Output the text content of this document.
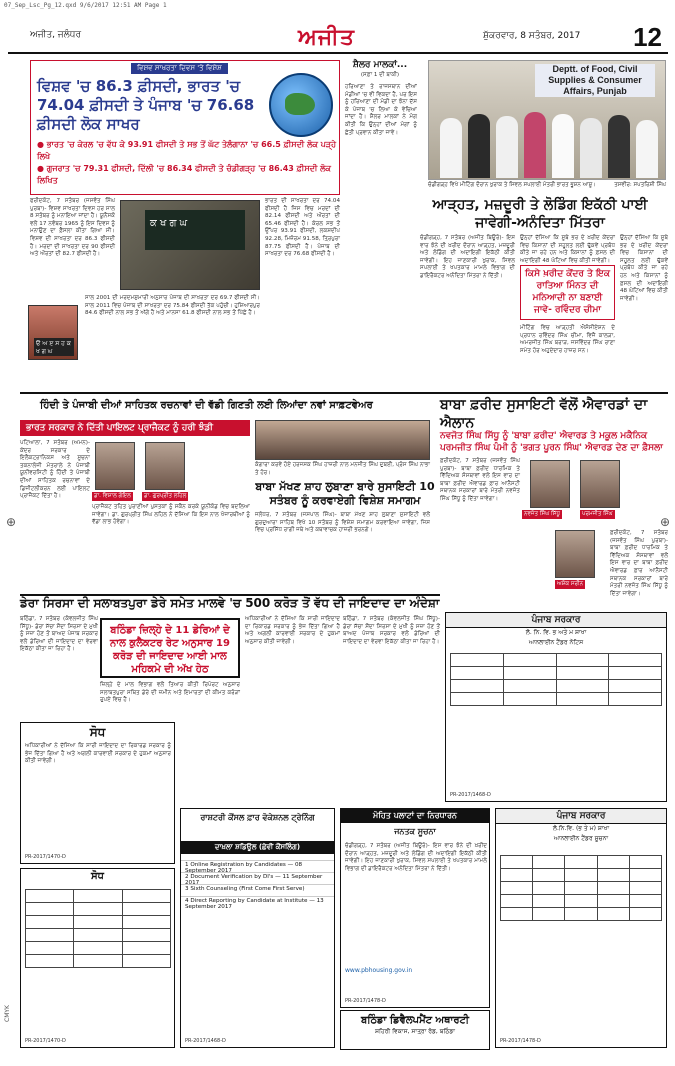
07_Sep_Lsc_Pg_12.qxd 9/6/2017 12:51 AM Page 1
ਅਜੀਤ, ਜਲੰਧਰ	ਅਜੀਤ	ਸ਼ੁੱਕਰਵਾਰ, 8 ਸਤੰਬਰ, 2017 12
ਵਿਸ਼ਵ ਸਾਖਰਤਾ ਦਿਵਸ 'ਤੇ ਵਿਸ਼ੇਸ਼
ਵਿਸ਼ਵ 'ਚ 86.3 ਫ਼ੀਸਦੀ, ਭਾਰਤ 'ਚ 74.04 ਫ਼ੀਸਦੀ ਤੇ ਪੰਜਾਬ 'ਚ 76.68 ਫ਼ੀਸਦੀ ਲੋਕ ਸਾਖਰ
● ਭਾਰਤ 'ਚ ਕੇਰਲ 'ਚ ਵੱਧ ਕੇ 93.91 ਫੀਸਦੀ ਤੇ ਸਭ ਤੋਂ ਘੱਟ ਤੇਲੰਗਾਨਾ 'ਚ 66.5 ਫ਼ੀਸਦੀ ਲੋਕ ਪੜ੍ਹੇ ਲਿਖੇ
● ਗੁਜਰਾਤ 'ਚ 79.31 ਫੀਸਦੀ, ਦਿੱਲੀ 'ਚ 86.34 ਫੀਸਦੀ ਤੇ ਚੰਡੀਗੜ੍ਹ 'ਚ 86.43 ਫ਼ੀਸਦੀ ਲੋਕ ਲਿਖਿਤ
ਫਰੀਦਕੋਟ, 7 ਸਤੰਬਰ (ਜਸਵੰਤ ਸਿੰਘ ਪੁਰਬਾ)- ਵਿਸ਼ਵ ਸਾਖਰਤਾ ਦਿਵਸ ਹਰ ਸਾਲ 8 ਸਤੰਬਰ ਨੂੰ ਮਨਾਇਆ ਜਾਂਦਾ ਹੈ। ਯੂਨੈਸਕੋ ਵਲੋਂ 17 ਨਵੰਬਰ 1965 ਨੂੰ ਇਸ ਦਿਵਸ ਨੂੰ ਮਨਾਉਣ ਦਾ ਫ਼ੈਸਲਾ ਕੀਤਾ ਗਿਆ ਸੀ। ਵਿਸ਼ਵ ਦੀ ਸਾਖਰਤਾ ਦਰ 86.3 ਫੀਸਦੀ ਹੈ। ਮਰਦਾਂ ਦੀ ਸਾਖਰਤਾ ਦਰ 90 ਫੀਸਦੀ ਅਤੇ ਔਰਤਾਂ ਦੀ 82.7 ਫੀਸਦੀ ਹੈ।
ਕ ਖ ਗ ਘ
ਭਾਰਤ ਦੀ ਸਾਖਰਤਾ ਦਰ 74.04 ਫੀਸਦੀ ਹੈ ਜਿਸ ਵਿਚ ਮਰਦਾਂ ਦੀ 82.14 ਫੀਸਦੀ ਅਤੇ ਔਰਤਾਂ ਦੀ 65.46 ਫੀਸਦੀ ਹੈ। ਕੇਰਲ ਸਭ ਤੋਂ ਉੱਪਰ 93.91 ਫੀਸਦੀ, ਲਕਸ਼ਦੀਪ 92.28, ਮਿਜ਼ੋਰਮ 91.58, ਤ੍ਰਿਪੁਰਾ 87.75 ਫੀਸਦੀ ਹੈ। ਪੰਜਾਬ ਦੀ ਸਾਖਰਤਾ ਦਰ 76.68 ਫੀਸਦੀ ਹੈ।
ੳ ਅ ੲ ਸ ਹ ਕ ਖ ਗ ਘ
ਸਾਲ 2001 ਦੀ ਮਰਦਮਸ਼ੁਮਾਰੀ ਅਨੁਸਾਰ ਪੰਜਾਬ ਦੀ ਸਾਖਰਤਾ ਦਰ 69.7 ਫੀਸਦੀ ਸੀ। ਸਾਲ 2011 ਵਿਚ ਪੰਜਾਬ ਦੀ ਸਾਖਰਤਾ ਦਰ 75.84 ਫੀਸਦੀ ਤੱਕ ਪਹੁੰਚੀ। ਹੁਸ਼ਿਆਰਪੁਰ 84.6 ਫੀਸਦੀ ਨਾਲ ਸਭ ਤੋਂ ਅੱਗੇ ਹੈ ਅਤੇ ਮਾਨਸਾ 61.8 ਫੀਸਦੀ ਨਾਲ ਸਭ ਤੋਂ ਪਿੱਛੇ ਹੈ।
ਸ਼ੈਲਰ ਮਾਲਕਾਂ...
(ਸਫ਼ਾ 1 ਦੀ ਬਾਕੀ)
ਹਰਿਆਣਾ ਤੇ ਰਾਜਸਥਾਨ ਦੀਆਂ ਮੰਡੀਆਂ 'ਚ ਵੀ ਵਿਕਦਾ ਹੈ, ਪਰ ਇਸ ਨੂੰ ਹਰਿਆਣਾ ਦੀ ਮੰਡੀ ਦਾ ਝੋਨਾ ਦੱਸ ਕੇ ਪੰਜਾਬ 'ਚ ਲਿਆ ਕੇ ਵੇਚਿਆ ਜਾਂਦਾ ਹੈ। ਸ਼ੈਲਰ ਮਾਲਕਾਂ ਨੇ ਮੰਗ ਕੀਤੀ ਕਿ ਉਨ੍ਹਾਂ ਦੀਆਂ ਮੰਗਾਂ ਨੂੰ ਛੇਤੀ ਪ੍ਰਵਾਨ ਕੀਤਾ ਜਾਵੇ।
Deptt. of Food, Civil Supplies & Consumer Affairs, Punjab
ਚੰਡੀਗੜ੍ਹ ਵਿਖੇ ਮੀਟਿੰਗ ਦੌਰਾਨ ਖੁਰਾਕ ਤੇ ਸਿਵਲ ਸਪਲਾਈ ਮੰਤਰੀ ਭਾਰਤ ਭੂਸ਼ਨ ਆਸ਼ੂ।	ਤਸਵੀਰ: ਸਪਤਰਿਸ਼ੀ ਸਿੰਘ
ਆੜ੍ਹਤ, ਮਜ਼ਦੂਰੀ ਤੇ ਲੋਡਿੰਗ ਇਕੱਠੀ ਪਾਈ ਜਾਵੇਗੀ-ਅਨੰਦਿਤਾ ਮਿੱਤਰਾ
ਚੰਡੀਗੜ੍ਹ, 7 ਸਤੰਬਰ (ਅਜੀਤ ਬਿਊਰੋ)- ਇਸ ਵਾਰ ਝੋਨੇ ਦੀ ਖ਼ਰੀਦ ਦੌਰਾਨ ਆੜ੍ਹਤ, ਮਜ਼ਦੂਰੀ ਅਤੇ ਲੋਡਿੰਗ ਦੀ ਅਦਾਇਗੀ ਇਕੱਠੀ ਕੀਤੀ ਜਾਵੇਗੀ। ਇਹ ਜਾਣਕਾਰੀ ਖੁਰਾਕ, ਸਿਵਲ ਸਪਲਾਈ ਤੇ ਖਪਤਕਾਰ ਮਾਮਲੇ ਵਿਭਾਗ ਦੀ ਡਾਇਰੈਕਟਰ ਅਨੰਦਿਤਾ ਮਿੱਤਰਾ ਨੇ ਦਿੱਤੀ।	ਕਿਸੇ ਖ਼ਰੀਦ ਕੇਂਦਰ ਤੇ ਇਕ ਰਾਤਿਆ ਮਿੰਨਤ ਦੀ ਮਨਿਆਦੀ ਨਾ ਬਣਾਈ ਜਾਵੇ- ਰਵਿੰਦਰ ਚੀਮਾ
ਉਨ੍ਹਾਂ ਦੱਸਿਆ ਕਿ ਸੂਬੇ ਭਰ ਦੇ ਖ਼ਰੀਦ ਕੇਂਦਰਾਂ ਵਿਚ ਕਿਸਾਨਾਂ ਦੀ ਸਹੂਲਤ ਲਈ ਢੁੱਕਵੇਂ ਪ੍ਰਬੰਧ ਕੀਤੇ ਜਾ ਰਹੇ ਹਨ ਅਤੇ ਕਿਸਾਨਾਂ ਨੂੰ ਫ਼ਸਲ ਦੀ ਅਦਾਇਗੀ 48 ਘੰਟਿਆਂ ਵਿਚ ਕੀਤੀ ਜਾਵੇਗੀ।
ਮੀਟਿੰਗ ਵਿਚ ਆੜ੍ਹਤੀ ਐਸੋਸੀਏਸ਼ਨ ਦੇ ਪ੍ਰਧਾਨ ਰਵਿੰਦਰ ਸਿੰਘ ਚੀਮਾ, ਵਿਜੈ ਕਾਲੜਾ, ਅਮਰਜੀਤ ਸਿੰਘ ਬਰਾੜ, ਜਸਵਿੰਦਰ ਸਿੰਘ ਰਾਣਾ ਸਮੇਤ ਹੋਰ ਅਹੁਦੇਦਾਰ ਹਾਜ਼ਰ ਸਨ।
ਉਨ੍ਹਾਂ ਦੱਸਿਆ ਕਿ ਸੂਬੇ ਭਰ ਦੇ ਖ਼ਰੀਦ ਕੇਂਦਰਾਂ ਵਿਚ ਕਿਸਾਨਾਂ ਦੀ ਸਹੂਲਤ ਲਈ ਢੁੱਕਵੇਂ ਪ੍ਰਬੰਧ ਕੀਤੇ ਜਾ ਰਹੇ ਹਨ ਅਤੇ ਕਿਸਾਨਾਂ ਨੂੰ ਫ਼ਸਲ ਦੀ ਅਦਾਇਗੀ 48 ਘੰਟਿਆਂ ਵਿਚ ਕੀਤੀ ਜਾਵੇਗੀ।
ਹਿੰਦੀ ਤੇ ਪੰਜਾਬੀ ਦੀਆਂ ਸਾਹਿਤਕ ਰਚਨਾਵਾਂ ਦੀ ਵੱਡੀ ਗਿਣਤੀ ਲਈ ਲਿਆਂਦਾ ਨਵਾਂ ਸਾਫ਼ਟਵੇਅਰ
ਭਾਰਤ ਸਰਕਾਰ ਨੇ ਦਿੱਤੀ ਪਾਇਲਟ ਪ੍ਰਾਜੈਕਟ ਨੂੰ ਹਰੀ ਝੰਡੀ
ਪਟਿਆਲਾ, 7 ਸਤੰਬਰ (ਅਮਨ)- ਕੇਂਦਰ ਸਰਕਾਰ ਦੇ ਇਲੈਕਟ੍ਰਾਨਿਕਸ ਅਤੇ ਸੂਚਨਾ ਤਕਨਾਲੋਜੀ ਮੰਤਰਾਲੇ ਨੇ ਪੰਜਾਬੀ ਯੂਨੀਵਰਸਿਟੀ ਨੂੰ ਹਿੰਦੀ ਤੇ ਪੰਜਾਬੀ ਦੀਆਂ ਸਾਹਿਤਕ ਰਚਨਾਵਾਂ ਦੇ ਡਿਜੀਟਲੀਕਰਨ ਲਈ ਪਾਇਲਟ ਪ੍ਰਾਜੈਕਟ ਦਿੱਤਾ ਹੈ।	ਡਾ. ਵਿਸ਼ਾਲ ਗੋਇਲ	ਡਾ. ਗੁਰਪ੍ਰੀਤ ਲਹਿਲ
ਪ੍ਰਾਜੈਕਟ ਤਹਿਤ ਪੁਰਾਣੀਆਂ ਪੁਸਤਕਾਂ ਨੂੰ ਸਕੈਨ ਕਰਕੇ ਯੂਨੀਕੋਡ ਵਿਚ ਬਦਲਿਆ ਜਾਵੇਗਾ। ਡਾ. ਗੁਰਪ੍ਰੀਤ ਸਿੰਘ ਲਹਿਲ ਨੇ ਦੱਸਿਆ ਕਿ ਇਸ ਨਾਲ ਖੋਜਾਰਥੀਆਂ ਨੂੰ ਵੱਡਾ ਲਾਭ ਹੋਵੇਗਾ।
ਕੰਗਾਰਾ ਕਰਵੇ ਹੋਏ ਹਰਜਸਕ ਸਿੰਘ ਹਾਜ਼ਰੀ ਨਾਲ ਮਨਜੀਤ ਸਿੰਘ ਦੁਬਈ, ਪ੍ਰੋਸ ਸਿੰਘ ਨਾਭਾ ਤੇ ਹੋਰ।
ਬਾਬਾ ਮੱਖਣ ਸ਼ਾਹ ਲੁਬਾਣਾ ਬਾਰੇ ਸੁਸਾਇਟੀ 10 ਸਤੰਬਰ ਨੂੰ ਕਰਵਾਏਗੀ ਵਿਸ਼ੇਸ਼ ਸਮਾਗਮ
ਜਲੰਧਰ, 7 ਸਤੰਬਰ (ਜਸਪਾਲ ਸਿੰਘ)- ਬਾਬਾ ਮੱਖਣ ਸ਼ਾਹ ਲੁਬਾਣਾ ਸੁਸਾਇਟੀ ਵਲੋਂ ਗੁਰਦੁਆਰਾ ਸਾਹਿਬ ਵਿਖੇ 10 ਸਤੰਬਰ ਨੂੰ ਵਿਸ਼ੇਸ਼ ਸਮਾਗਮ ਕਰਵਾਇਆ ਜਾਵੇਗਾ, ਜਿਸ ਵਿਚ ਪ੍ਰਸਿੱਧ ਰਾਗੀ ਜਥੇ ਅਤੇ ਕਥਾਵਾਚਕ ਹਾਜ਼ਰੀ ਭਰਨਗੇ।
ਬਾਬਾ ਫ਼ਰੀਦ ਸੁਸਾਇਟੀ ਵੱਲੋਂ ਐਵਾਰਡਾਂ ਦਾ ਐਲਾਨ
ਨਵਜੋਤ ਸਿੰਘ ਸਿੱਧੂ ਨੂੰ 'ਬਾਬਾ ਫ਼ਰੀਦ' ਐਵਾਰਡ ਤੇ ਮਕੂਲ ਮਕੈਨਿਕ ਪਰਮਜੀਤ ਸਿੰਘ ਪੰਮੀ ਨੂੰ 'ਭਗਤ ਪੂਰਨ ਸਿੰਘ' ਐਵਾਰਡ ਦੇਣ ਦਾ ਫ਼ੈਸਲਾ
ਫ਼ਰੀਦਕੋਟ, 7 ਸਤੰਬਰ (ਜਸਵੰਤ ਸਿੰਘ ਪੁਰਬਾ)- ਬਾਬਾ ਫ਼ਰੀਦ ਧਾਰਮਿਕ ਤੇ ਵਿੱਦਿਅਕ ਸੰਸਥਾਵਾਂ ਵਲੋਂ ਇਸ ਵਾਰ ਦਾ ਬਾਬਾ ਫ਼ਰੀਦ ਐਵਾਰਡ ਫ਼ਾਰ ਆਨੈਸਟੀ ਸਥਾਨਕ ਸਰਕਾਰਾਂ ਬਾਰੇ ਮੰਤਰੀ ਨਵਜੋਤ ਸਿੰਘ ਸਿੱਧੂ ਨੂੰ ਦਿੱਤਾ ਜਾਵੇਗਾ।
ਨਵਜੋਤ ਸਿੰਘ ਸਿੱਧੂ	ਪਰਮਜੀਤ ਸਿੰਘ
ਅਸ਼ੋਕ ਸਰੀਨ
ਫ਼ਰੀਦਕੋਟ, 7 ਸਤੰਬਰ (ਜਸਵੰਤ ਸਿੰਘ ਪੁਰਬਾ)- ਬਾਬਾ ਫ਼ਰੀਦ ਧਾਰਮਿਕ ਤੇ ਵਿੱਦਿਅਕ ਸੰਸਥਾਵਾਂ ਵਲੋਂ ਇਸ ਵਾਰ ਦਾ ਬਾਬਾ ਫ਼ਰੀਦ ਐਵਾਰਡ ਫ਼ਾਰ ਆਨੈਸਟੀ ਸਥਾਨਕ ਸਰਕਾਰਾਂ ਬਾਰੇ ਮੰਤਰੀ ਨਵਜੋਤ ਸਿੰਘ ਸਿੱਧੂ ਨੂੰ ਦਿੱਤਾ ਜਾਵੇਗਾ।
ਡੇਰਾ ਸਿਰਸਾ ਦੀ ਸਲਾਬਤਪੁਰਾ ਡੇਰੇ ਸਮੇਤ ਮਾਲਵੇ 'ਚ 500 ਕਰੋੜ ਤੋਂ ਵੱਧ ਦੀ ਜਾਇਦਾਦ ਦਾ ਅੰਦੇਸ਼ਾ
ਬਠਿੰਡਾ, 7 ਸਤੰਬਰ (ਕੰਵਲਜੀਤ ਸਿੰਘ ਸਿੱਧੂ)- ਡੇਰਾ ਸੱਚਾ ਸੌਦਾ ਸਿਰਸਾ ਦੇ ਮੁਖੀ ਨੂੰ ਸਜ਼ਾ ਹੋਣ ਤੋਂ ਬਾਅਦ ਪੰਜਾਬ ਸਰਕਾਰ ਵਲੋਂ ਡੇਰਿਆਂ ਦੀ ਜਾਇਦਾਦ ਦਾ ਵੇਰਵਾ ਇਕੱਠਾ ਕੀਤਾ ਜਾ ਰਿਹਾ ਹੈ।
ਬਠਿੰਡਾ ਜ਼ਿਲ੍ਹੇ ਦੇ 11 ਡੇਰਿਆਂ ਦੇ ਨਾਲ ਕੁਲੈਕਟਰ ਰੇਟ ਅਨੁਸਾਰ 19 ਕਰੋੜ ਦੀ ਜਾਇਦਾਦ ਆਈ ਮਾਲ ਮਹਿਕਮੇ ਦੀ ਅੱਖ ਹੇਠ
ਜ਼ਿਲ੍ਹੇ ਦੇ ਮਾਲ ਵਿਭਾਗ ਵਲੋਂ ਤਿਆਰ ਕੀਤੀ ਰਿਪੋਰਟ ਅਨੁਸਾਰ ਸਲਾਬਤਪੁਰਾ ਸਥਿਤ ਡੇਰੇ ਦੀ ਜ਼ਮੀਨ ਅਤੇ ਇਮਾਰਤਾਂ ਦੀ ਕੀਮਤ ਕਰੋੜਾਂ ਰੁਪਏ ਵਿਚ ਹੈ।
ਅਧਿਕਾਰੀਆਂ ਨੇ ਦੱਸਿਆ ਕਿ ਸਾਰੀ ਜਾਇਦਾਦ ਦਾ ਰਿਕਾਰਡ ਸਰਕਾਰ ਨੂੰ ਭੇਜ ਦਿੱਤਾ ਗਿਆ ਹੈ ਅਤੇ ਅਗਲੀ ਕਾਰਵਾਈ ਸਰਕਾਰ ਦੇ ਹੁਕਮਾਂ ਅਨੁਸਾਰ ਕੀਤੀ ਜਾਵੇਗੀ।
ਬਠਿੰਡਾ, 7 ਸਤੰਬਰ (ਕੰਵਲਜੀਤ ਸਿੰਘ ਸਿੱਧੂ)- ਡੇਰਾ ਸੱਚਾ ਸੌਦਾ ਸਿਰਸਾ ਦੇ ਮੁਖੀ ਨੂੰ ਸਜ਼ਾ ਹੋਣ ਤੋਂ ਬਾਅਦ ਪੰਜਾਬ ਸਰਕਾਰ ਵਲੋਂ ਡੇਰਿਆਂ ਦੀ ਜਾਇਦਾਦ ਦਾ ਵੇਰਵਾ ਇਕੱਠਾ ਕੀਤਾ ਜਾ ਰਿਹਾ ਹੈ।
ਪੰਜਾਬ ਸਰਕਾਰ
ਲੋ. ਨਿ. ਵਿ. ਭ ਅਤੇ ਮ ਸ਼ਾਖਾ
ਆਨਲਾਈਨ ਟੈਂਡਰ ਨੋਟਿਸ

PR-2017/1468-D
ਸੋਧ
ਅਧਿਕਾਰੀਆਂ ਨੇ ਦੱਸਿਆ ਕਿ ਸਾਰੀ ਜਾਇਦਾਦ ਦਾ ਰਿਕਾਰਡ ਸਰਕਾਰ ਨੂੰ ਭੇਜ ਦਿੱਤਾ ਗਿਆ ਹੈ ਅਤੇ ਅਗਲੀ ਕਾਰਵਾਈ ਸਰਕਾਰ ਦੇ ਹੁਕਮਾਂ ਅਨੁਸਾਰ ਕੀਤੀ ਜਾਵੇਗੀ।
PR-2017/1470-D
ਸੋਧ

PR-2017/1470-D
ਰਾਸ਼ਟਰੀ ਕੌਂਸਲ ਫ਼ਾਰ ਵੋਕੇਸ਼ਨਲ ਟ੍ਰੇਨਿੰਗ
ਦਾਖ਼ਲਾ ਸ਼ਡਿਊਲ (ਛੇਵੀਂ ਕੌਂਸਲਿੰਗ)
1 Online Registration by Candidates — 08 September 2017
2 Document Verification by DI's — 11 September 2017
3 Sixth Counseling (First Come First Serve)
4 Direct Reporting by Candidate at Institute — 13 September 2017
PR-2017/1468-D
ਮੋਹਿਤ ਪਲਾਟਾਂ ਦਾ ਨਿਰਧਾਰਨ
ਜਨਤਕ ਸੂਚਨਾ
ਚੰਡੀਗੜ੍ਹ, 7 ਸਤੰਬਰ (ਅਜੀਤ ਬਿਊਰੋ)- ਇਸ ਵਾਰ ਝੋਨੇ ਦੀ ਖ਼ਰੀਦ ਦੌਰਾਨ ਆੜ੍ਹਤ, ਮਜ਼ਦੂਰੀ ਅਤੇ ਲੋਡਿੰਗ ਦੀ ਅਦਾਇਗੀ ਇਕੱਠੀ ਕੀਤੀ ਜਾਵੇਗੀ। ਇਹ ਜਾਣਕਾਰੀ ਖੁਰਾਕ, ਸਿਵਲ ਸਪਲਾਈ ਤੇ ਖਪਤਕਾਰ ਮਾਮਲੇ ਵਿਭਾਗ ਦੀ ਡਾਇਰੈਕਟਰ ਅਨੰਦਿਤਾ ਮਿੱਤਰਾ ਨੇ ਦਿੱਤੀ।
www.pbhousing.gov.in
PR-2017/1478-D
ਬਠਿੰਡਾ ਡਿਵੈਲਪਮੈਂਟ ਅਥਾਰਟੀ
ਸ਼ਹਿਰੀ ਵਿਕਾਸ, ਸਾਤ੍ਰਾ ਰੋਡ, ਬਠਿੰਡਾ
ਪੰਜਾਬ ਸਰਕਾਰ
ਲੋ.ਨਿ.ਵਿ. (ਭ ਤੇ ਮ) ਸ਼ਾਖਾ
ਆਨਲਾਈਨ ਟੈਂਡਰ ਸੂਚਨਾ

PR-2017/1478-D
⊕	⊕
CMYK
